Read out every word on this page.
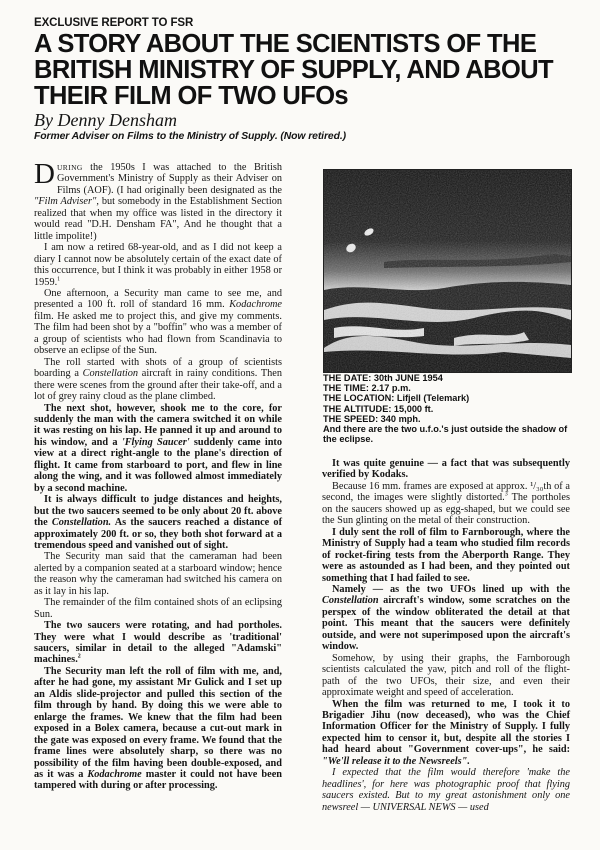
EXCLUSIVE REPORT TO FSR

A STORY ABOUT THE SCIENTISTS OF THE BRITISH MINISTRY OF SUPPLY, AND ABOUT THEIR FILM OF TWO UFOs

By Denny Densham

Former Adviser on Films to the Ministry of Supply. (Now retired.)

DURING the 1950s I was attached to the British Government's Ministry of Supply as their Adviser on Films (AOF). (I had originally been designated as the "Film Adviser", but somebody in the Establishment Section realized that when my office was listed in the directory it would read "D.H. Densham FA", And he thought that a little impolite!)

I am now a retired 68-year-old, and as I did not keep a diary I cannot now be absolutely certain of the exact date of this occurrence, but I think it was probably in either 1958 or 1959.$^1$

One afternoon, a Security man came to see me, and presented a 100 ft. roll of standard 16 mm. Kodachrome film. He asked me to project this, and give my comments. The film had been shot by a "boffin" who was a member of a group of scientists who had flown from Scandinavia to observe an eclipse of the Sun.

The roll started with shots of a group of scientists boarding a Constellation aircraft in rainy conditions. Then there were scenes from the ground after their take-off, and a lot of grey rainy cloud as the plane climbed.

The next shot, however, shook me to the core, for suddenly the man with the camera switched it on while it was resting on his lap. He panned it up and around to his window, and a 'Flying Saucer' suddenly came into view at a direct right-angle to the plane's direction of flight. It came from starboard to port, and flew in line along the wing, and it was followed almost immediately by a second machine.

It is always difficult to judge distances and heights, but the two saucers seemed to be only about 20 ft. above the Constellation. As the saucers reached a distance of approximately 200 ft. or so, they both shot forward at a tremendous speed and vanished out of sight.

The Security man said that the cameraman had been alerted by a companion seated at a starboard window; hence the reason why the cameraman had switched his camera on as it lay in his lap.

The remainder of the film contained shots of an eclipsing Sun.

The two saucers were rotating, and had portholes. They were what I would describe as 'traditional' saucers, similar in detail to the alleged "Adamski" machines.$^2$

The Security man left the roll of film with me, and, after he had gone, my assistant Mr Gulick and I set up an Aldis slide-projector and pulled this section of the film through by hand. By doing this we were able to enlarge the frames. We knew that the film had been exposed in a Bolex camera, because a cut-out mark in the gate was exposed on every frame. We found that the frame lines were absolutely sharp, so there was no possibility of the film having been double-exposed, and as it was a Kodachrome master it could not have been tampered with during or after processing.

THE DATE: 30th JUNE 1954
THE TIME: 2.17 p.m.
THE LOCATION: Lifjell (Telemark)
THE ALTITUDE: 15,000 ft.
THE SPEED: 340 mph.
And there are the two u.f.o.'s just outside the shadow of the eclipse.

It was quite genuine — a fact that was subsequently verified by Kodaks.

Because 16 mm. frames are exposed at approx. ¹/₃₀th of a second, the images were slightly distorted.$^3$ The portholes on the saucers showed up as egg-shaped, but we could see the Sun glinting on the metal of their construction.

I duly sent the roll of film to Farnborough, where the Ministry of Supply had a team who studied film records of rocket-firing tests from the Aberporth Range. They were as astounded as I had been, and they pointed out something that I had failed to see.

Namely — as the two UFOs lined up with the Constellation aircraft's window, some scratches on the perspex of the window obliterated the detail at that point. This meant that the saucers were definitely outside, and were not superimposed upon the aircraft's window.

Somehow, by using their graphs, the Farnborough scientists calculated the yaw, pitch and roll of the flight-path of the two UFOs, their size, and even their approximate weight and speed of acceleration.

When the film was returned to me, I took it to Brigadier Jihu (now deceased), who was the Chief Information Officer for the Ministry of Supply. I fully expected him to censor it, but, despite all the stories I had heard about "Government cover-ups", he said: "We'll release it to the Newsreels".

I expected that the film would therefore 'make the headlines', for here was photographic proof that flying saucers existed. But to my great astonishment only one newsreel — UNIVERSAL NEWS — used
